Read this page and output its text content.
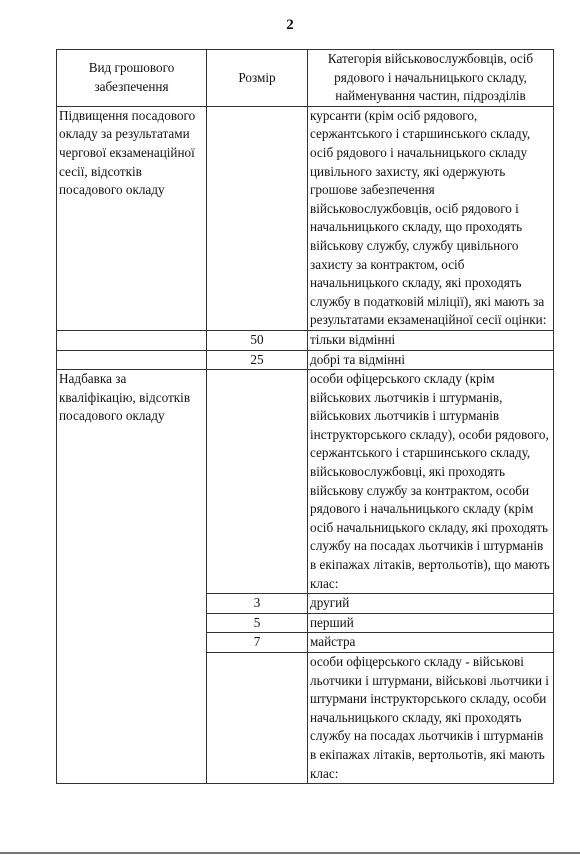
2
Вид грошового забезпечення	Розмір	Категорія військовослужбовців, осіб рядового і начальницького складу, найменування частин, підрозділів
Підвищення посадового окладу за результатами чергової екзаменаційної сесії, відсотків посадового окладу		курсанти (крім осіб рядового, сержантського і старшинського складу, осіб рядового і начальницького складу цивільного захисту, які одержують грошове забезпечення військовослужбовців, осіб рядового і начальницького складу, що проходять військову службу, службу цивільного захисту за контрактом, осіб начальницького складу, які проходять службу в податковій міліції), які мають за результатами екзаменаційної сесії оцінки:
	50	тільки відмінні
	25	добрі та відмінні
Надбавка за кваліфікацію, відсотків посадового окладу		особи офіцерського складу (крім військових льотчиків і штурманів, військових льотчиків і штурманів інструкторського складу), особи рядового, сержантського і старшинського складу, військовослужбовці, які проходять військову службу за контрактом, особи рядового і начальницького складу (крім осіб начальницького складу, які проходять службу на посадах льотчиків і штурманів в екіпажах літаків, вертольотів), що мають клас:
	3	другий
	5	перший
	7	майстра
		особи офіцерського складу - військові льотчики і штурмани, військові льотчики і штурмани інструкторського складу, особи начальницького складу, які проходять службу на посадах льотчиків і штурманів в екіпажах літаків, вертольотів, які мають клас:
